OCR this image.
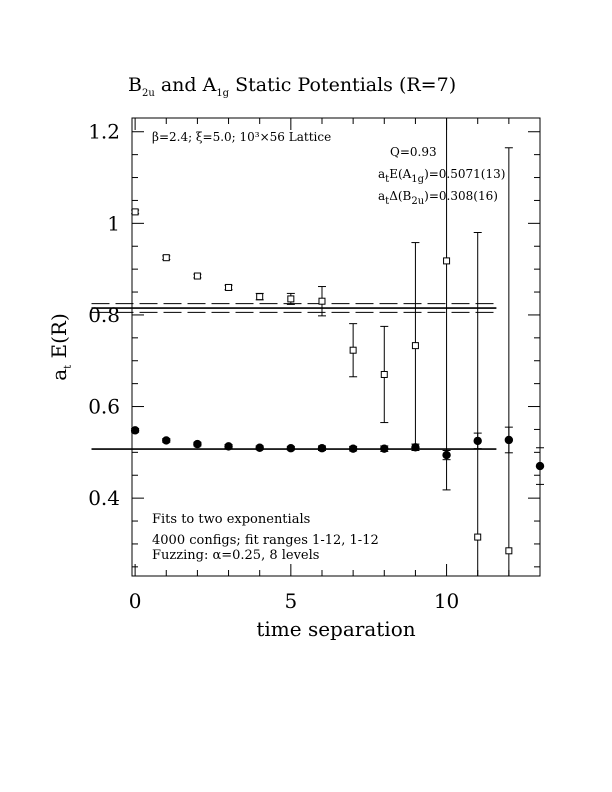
$B_{2u}$ and $A_{1g}$ Static Potentials (R=7)
0	5	10
0.4
0.6
0.8
1
1.2
time separation
$a_t$ E(R)
β=2.4; ξ=5.0; 10³×56 Lattice
Q=0.93
$a_tE(A_{1g})=0.5071(13)$
$a_t\Delta(B_{2u})=0.308(16)$
Fits to two exponentials
4000 configs; fit ranges 1-12, 1-12
Fuzzing: α=0.25, 8 levels
